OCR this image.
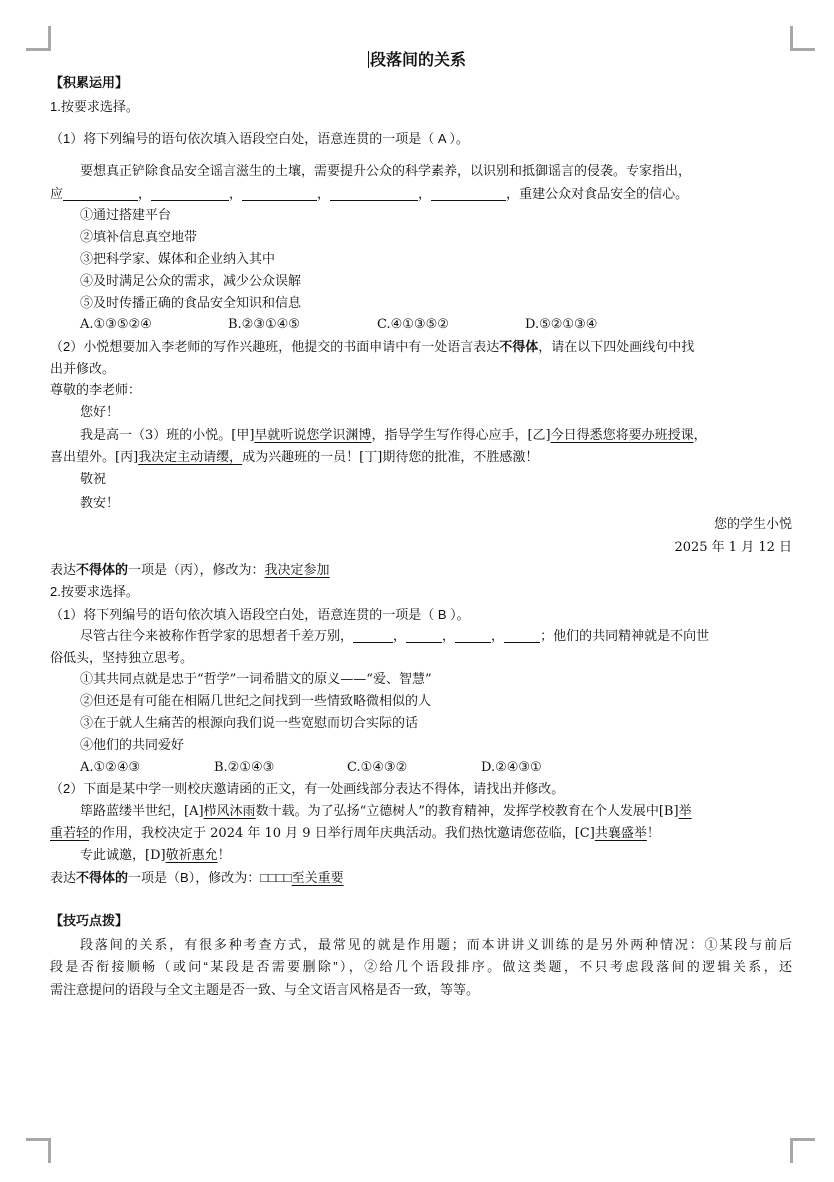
段落间的关系
【积累运用】
1.按要求选择。
（1）将下列编号的语句依次填入语段空白处，语意连贯的一项是（ A ）。
要想真正铲除食品安全谣言滋生的土壤，需要提升公众的科学素养，以识别和抵御谣言的侵袭。专家指出，
应	，	，	，	，	，重建公众对食品安全的信心。
①通过搭建平台
②填补信息真空地带
③把科学家、媒体和企业纳入其中
④及时满足公众的需求，减少公众误解
⑤及时传播正确的食品安全知识和信息
A.①③⑤②④	B.②③①④⑤	C.④①③⑤②	D.⑤②①③④
（2）小悦想要加入李老师的写作兴趣班，他提交的书面申请中有一处语言表达不得体，请在以下四处画线句中找
出并修改。
尊敬的李老师：
您好！
我是高一（3）班的小悦。[甲]早就听说您学识渊博，指导学生写作得心应手，[乙]今日得悉您将要办班授课，
喜出望外。[丙]我决定主动请缨，成为兴趣班的一员！[丁]期待您的批准，不胜感激！
敬祝
教安！
您的学生小悦
2025 年 1 月 12 日
表达不得体的一项是（丙），修改为：我决定参加
2.按要求选择。
（1）将下列编号的语句依次填入语段空白处，语意连贯的一项是（ B ）。
尽管古往今来被称作哲学家的思想者千差万别，	，	，	，	；他们的共同精神就是不向世
俗低头，坚持独立思考。
①其共同点就是忠于“哲学”一词希腊文的原义——“爱、智慧”
②但还是有可能在相隔几世纪之间找到一些情致略微相似的人
③在于就人生痛苦的根源向我们说一些宽慰而切合实际的话
④他们的共同爱好
A.①②④③	B.②①④③	C.①④③②	D.②④③①
（2）下面是某中学一则校庆邀请函的正文，有一处画线部分表达不得体，请找出并修改。
筚路蓝缕半世纪，[A]栉风沐雨数十载。为了弘扬“立德树人”的教育精神，发挥学校教育在个人发展中[B]举
重若轻的作用，我校决定于 2024 年 10 月 9 日举行周年庆典活动。我们热忱邀请您莅临，[C]共襄盛举！
专此诚邀，[D]敬祈惠允！
表达不得体的一项是（B），修改为：□□□□至关重要
【技巧点拨】
段落间的关系，有很多种考查方式，最常见的就是作用题；而本讲讲义训练的是另外两种情况：①某段与前后
段是否衔接顺畅（或问“某段是否需要删除”），②给几个语段排序。做这类题，不只考虑段落间的逻辑关系，还
需注意提问的语段与全文主题是否一致、与全文语言风格是否一致，等等。
